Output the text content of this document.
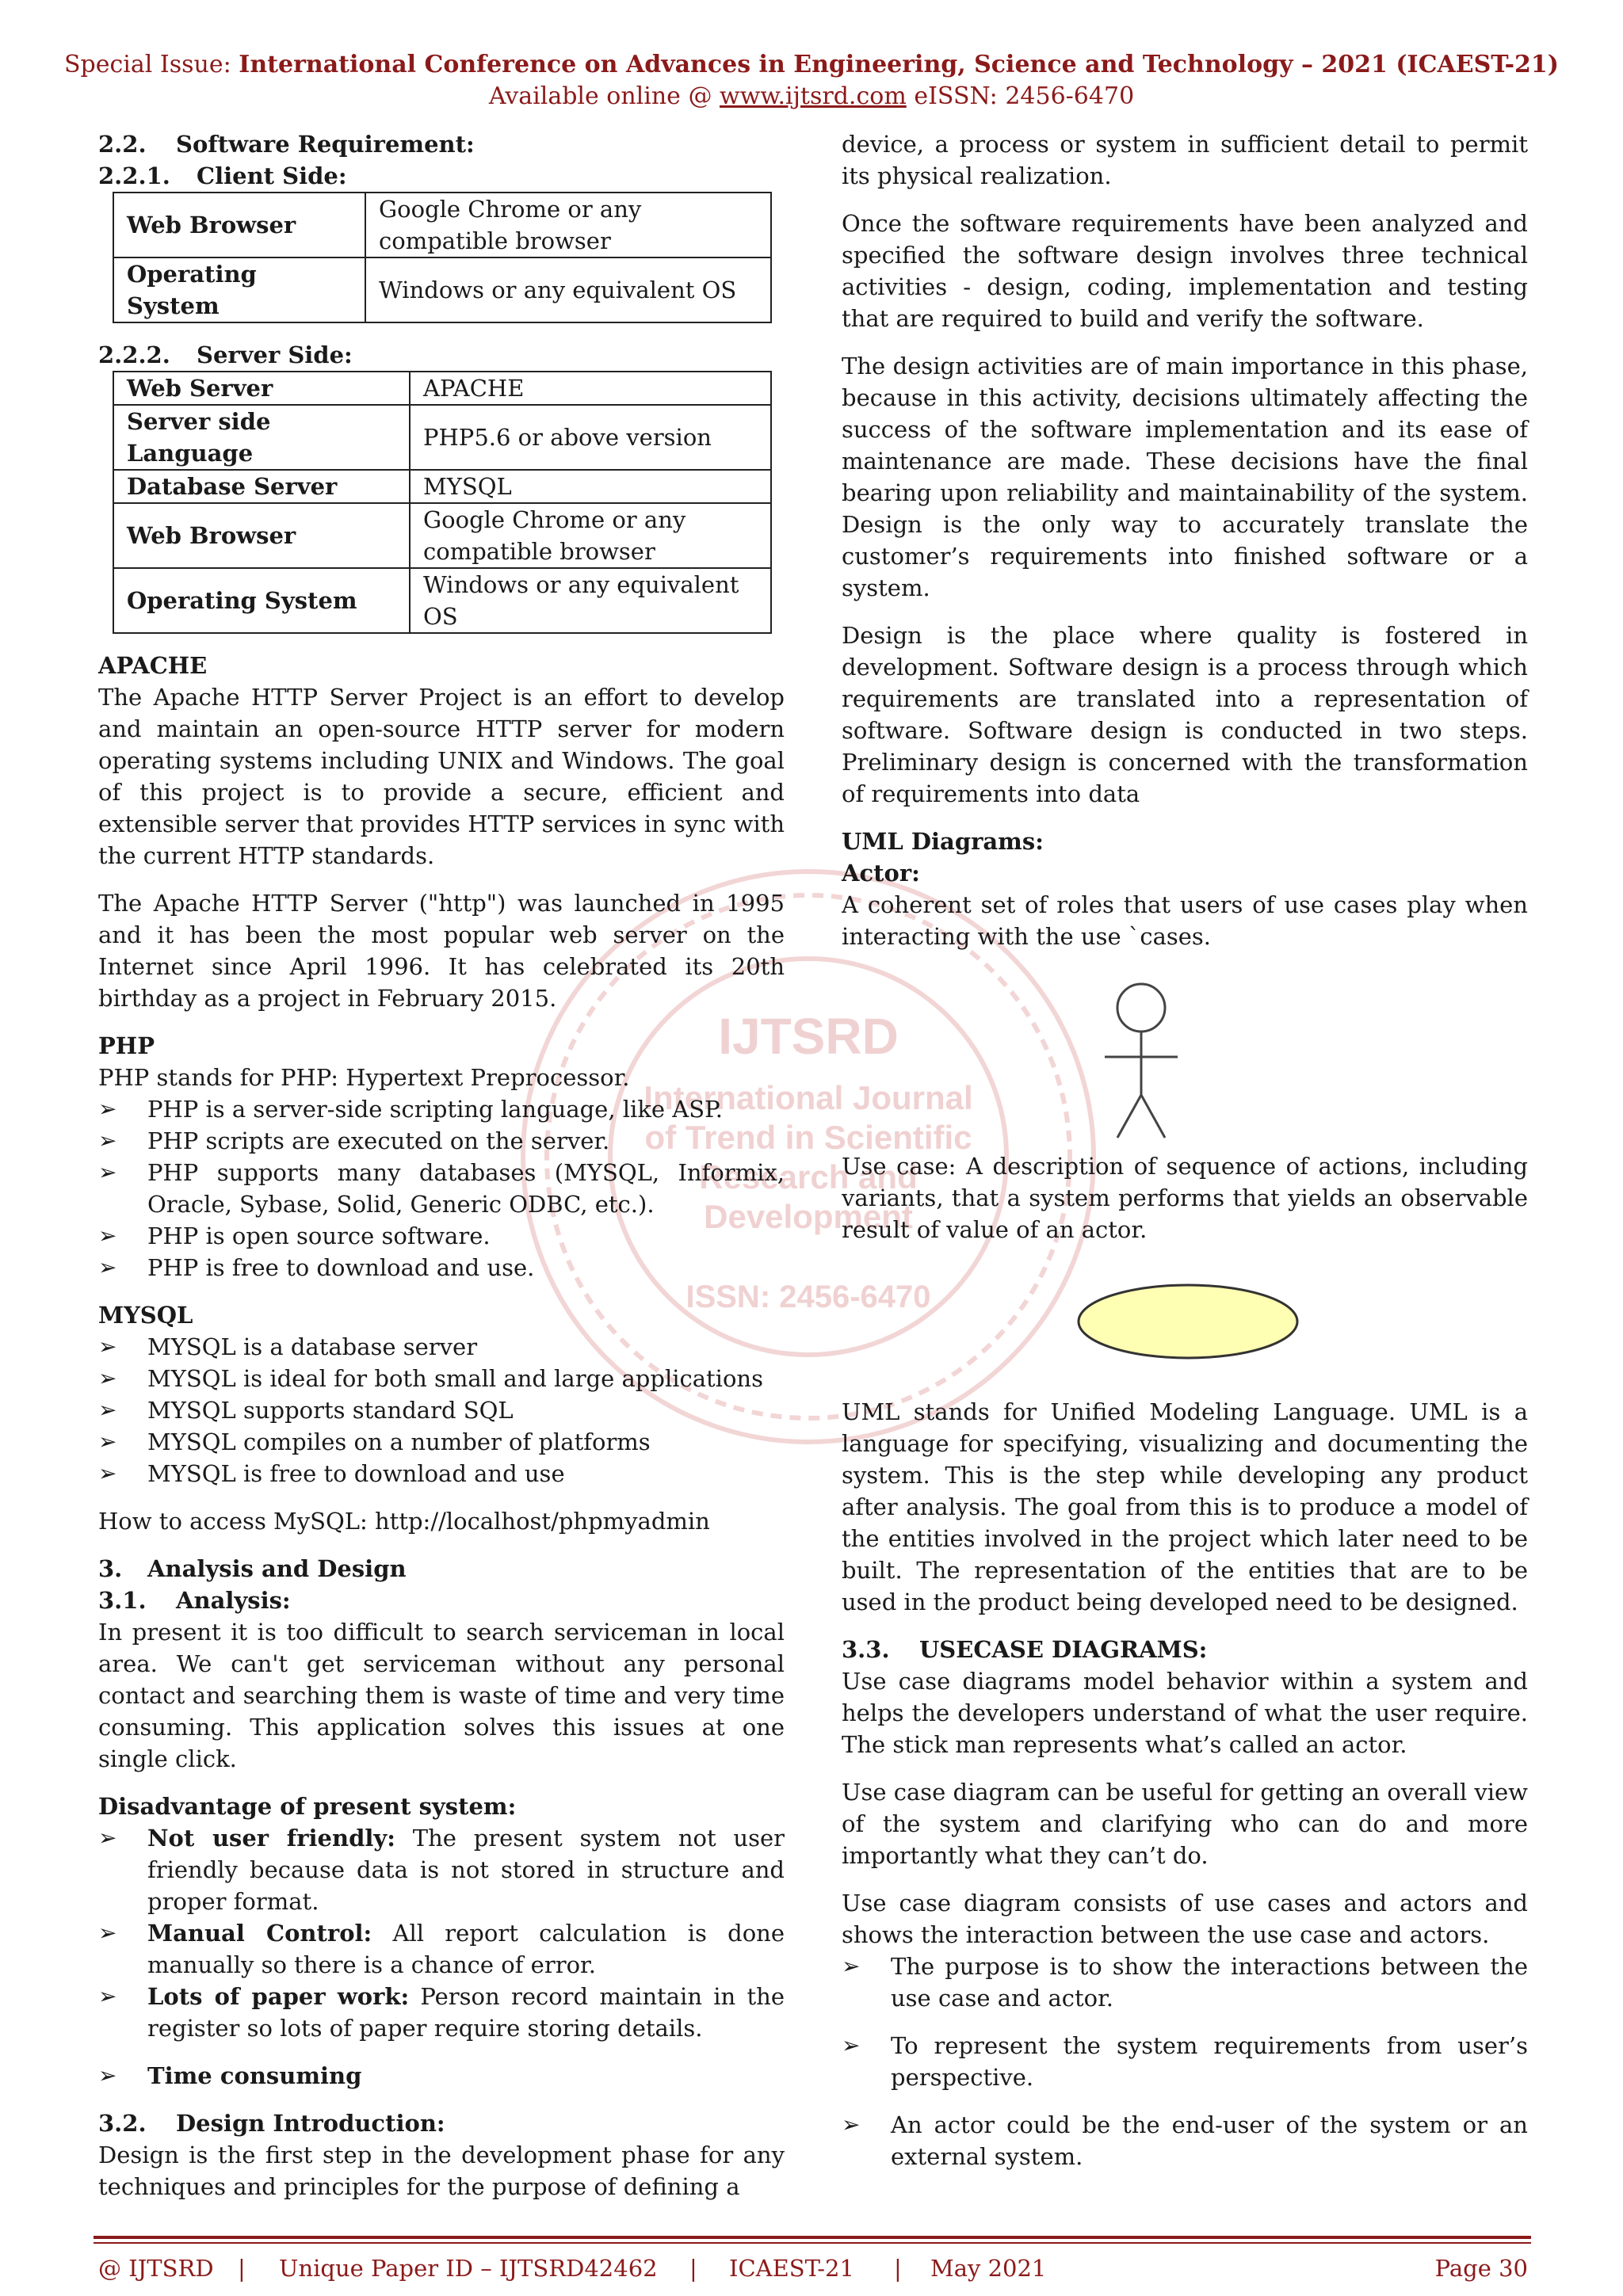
Special Issue: International Conference on Advances in Engineering, Science and Technology – 2021 (ICAEST-21)
Available online @ www.ijtsrd.com eISSN: 2456-6470
IJTSRD
International Journal
of Trend in Scientific
Research and
Development
ISSN: 2456-6470
2.2. Software Requirement:
2.2.1. Client Side:
Web Browser	Google Chrome or any
compatible browser

Operating System	Windows or any equivalent OS
2.2.2. Server Side:
Web Server	APACHE
Server side Language	PHP5.6 or above version
Database Server	MYSQL
Web Browser	Google Chrome or any
compatible browser

Operating System	Windows or any equivalent
OS
APACHE

The Apache HTTP Server Project is an effort to develop and maintain an open-source HTTP server for modern operating systems including UNIX and Windows. The goal of this project is to provide a secure, efficient and extensible server that provides HTTP services in sync with the current HTTP standards.

The Apache HTTP Server ("http") was launched in 1995 and it has been the most popular web server on the Internet since April 1996. It has celebrated its 20th birthday as a project in February 2015.

PHP

PHP stands for PHP: Hypertext Preprocessor.

➢ PHP is a server-side scripting language, like ASP.
➢ PHP scripts are executed on the server.
➢ PHP supports many databases (MYSQL, Informix, Oracle, Sybase, Solid, Generic ODBC, etc.).
➢ PHP is open source software.
➢ PHP is free to download and use.
MYSQL
➢ MYSQL is a database server
➢ MYSQL is ideal for both small and large applications
➢ MYSQL supports standard SQL
➢ MYSQL compiles on a number of platforms
➢ MYSQL is free to download and use

How to access MySQL: http://localhost/phpmyadmin

3. Analysis and Design
3.1. Analysis:

In present it is too difficult to search serviceman in local area. We can't get serviceman without any personal contact and searching them is waste of time and very time consuming. This application solves this issues at one single click.

Disadvantage of present system:
➢ Not user friendly: The present system not user friendly because data is not stored in structure and proper format.
➢ Manual Control: All report calculation is done manually so there is a chance of error.
➢ Lots of paper work: Person record maintain in the register so lots of paper require storing details.
➢ Time consuming
3.2. Design Introduction:

Design is the first step in the development phase for any techniques and principles for the purpose of defining a

device, a process or system in sufficient detail to permit its physical realization.

Once the software requirements have been analyzed and specified the software design involves three technical activities - design, coding, implementation and testing that are required to build and verify the software.

The design activities are of main importance in this phase, because in this activity, decisions ultimately affecting the success of the software implementation and its ease of maintenance are made. These decisions have the final bearing upon reliability and maintainability of the system. Design is the only way to accurately translate the customer’s requirements into finished software or a system.

Design is the place where quality is fostered in development. Software design is a process through which requirements are translated into a representation of software. Software design is conducted in two steps. Preliminary design is concerned with the transformation of requirements into data

UML Diagrams:
Actor:

A coherent set of roles that users of use cases play when interacting with the use `cases.

Use case: A description of sequence of actions, including variants, that a system performs that yields an observable result of value of an actor.

UML stands for Unified Modeling Language. UML is a language for specifying, visualizing and documenting the system. This is the step while developing any product after analysis. The goal from this is to produce a model of the entities involved in the project which later need to be built. The representation of the entities that are to be used in the product being developed need to be designed.

3.3. USECASE DIAGRAMS:

Use case diagrams model behavior within a system and helps the developers understand of what the user require. The stick man represents what’s called an actor.

Use case diagram can be useful for getting an overall view of the system and clarifying who can do and more importantly what they can’t do.

Use case diagram consists of use cases and actors and shows the interaction between the use case and actors.

➢ The purpose is to show the interactions between the use case and actor.
➢ To represent the system requirements from user’s perspective.
➢ An actor could be the end-user of the system or an external system.
@ IJTSRD | Unique Paper ID – IJTSRD42462 | ICAEST-21 | May 2021	Page 30
